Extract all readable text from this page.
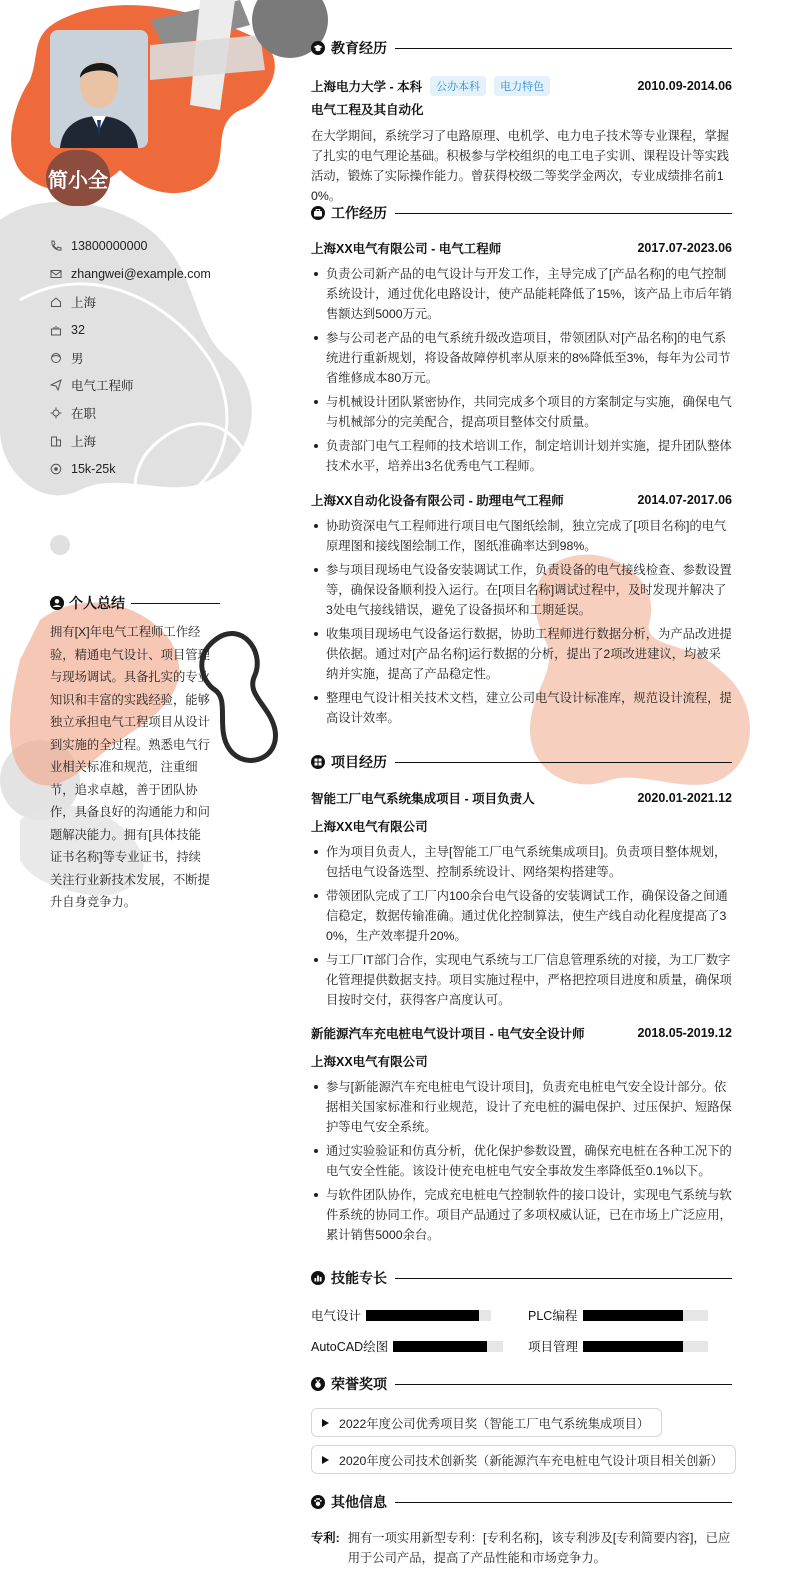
简小全
13800000000
zhangwei@example.com
上海
32
男
电气工程师
在职
上海
15k-25k
个人总结
拥有[X]年电气工程师工作经验，精通电气设计、项目管理与现场调试。具备扎实的专业知识和丰富的实践经验，能够独立承担电气工程项目从设计到实施的全过程。熟悉电气行业相关标准和规范，注重细节，追求卓越，善于团队协作，具备良好的沟通能力和问题解决能力。拥有[具体技能证书名称]等专业证书，持续关注行业新技术发展，不断提升自身竞争力。
教育经历
上海电力大学 - 本科	公办本科	电力特色	2010.09-2014.06
电气工程及其自动化
在大学期间，系统学习了电路原理、电机学、电力电子技术等专业课程，掌握了扎实的电气理论基础。积极参与学校组织的电工电子实训、课程设计等实践活动，锻炼了实际操作能力。曾获得校级二等奖学金两次，专业成绩排名前10%。
工作经历
上海XX电气有限公司 - 电气工程师	2017.07-2023.06
负责公司新产品的电气设计与开发工作，主导完成了[产品名称]的电气控制系统设计，通过优化电路设计，使产品能耗降低了15%，该产品上市后年销售额达到5000万元。
参与公司老产品的电气系统升级改造项目，带领团队对[产品名称]的电气系统进行重新规划，将设备故障停机率从原来的8%降低至3%，每年为公司节省维修成本80万元。
与机械设计团队紧密协作，共同完成多个项目的方案制定与实施，确保电气与机械部分的完美配合，提高项目整体交付质量。
负责部门电气工程师的技术培训工作，制定培训计划并实施，提升团队整体技术水平，培养出3名优秀电气工程师。
上海XX自动化设备有限公司 - 助理电气工程师	2014.07-2017.06
协助资深电气工程师进行项目电气图纸绘制，独立完成了[项目名称]的电气原理图和接线图绘制工作，图纸准确率达到98%。
参与项目现场电气设备安装调试工作，负责设备的电气接线检查、参数设置等，确保设备顺利投入运行。在[项目名称]调试过程中，及时发现并解决了3处电气接线错误，避免了设备损坏和工期延误。
收集项目现场电气设备运行数据，协助工程师进行数据分析，为产品改进提供依据。通过对[产品名称]运行数据的分析，提出了2项改进建议，均被采纳并实施，提高了产品稳定性。
整理电气设计相关技术文档，建立公司电气设计标准库，规范设计流程，提高设计效率。
项目经历
智能工厂电气系统集成项目 - 项目负责人	2020.01-2021.12
上海XX电气有限公司
作为项目负责人，主导[智能工厂电气系统集成项目]。负责项目整体规划，包括电气设备选型、控制系统设计、网络架构搭建等。
带领团队完成了工厂内100余台电气设备的安装调试工作，确保设备之间通信稳定，数据传输准确。通过优化控制算法，使生产线自动化程度提高了30%，生产效率提升20%。
与工厂IT部门合作，实现电气系统与工厂信息管理系统的对接，为工厂数字化管理提供数据支持。项目实施过程中，严格把控项目进度和质量，确保项目按时交付，获得客户高度认可。
新能源汽车充电桩电气设计项目 - 电气安全设计师	2018.05-2019.12
上海XX电气有限公司
参与[新能源汽车充电桩电气设计项目]，负责充电桩电气安全设计部分。依据相关国家标准和行业规范，设计了充电桩的漏电保护、过压保护、短路保护等电气安全系统。
通过实验验证和仿真分析，优化保护参数设置，确保充电桩在各种工况下的电气安全性能。该设计使充电桩电气安全事故发生率降低至0.1%以下。
与软件团队协作，完成充电桩电气控制软件的接口设计，实现电气系统与软件系统的协同工作。项目产品通过了多项权威认证，已在市场上广泛应用，累计销售5000余台。
技能专长
电气设计	PLC编程
AutoCAD绘图	项目管理
荣誉奖项
2022年度公司优秀项目奖（智能工厂电气系统集成项目）
2020年度公司技术创新奖（新能源汽车充电桩电气设计项目相关创新）
其他信息
专利: 拥有一项实用新型专利：[专利名称]，该专利涉及[专利简要内容]，已应用于公司产品，提高了产品性能和市场竞争力。
